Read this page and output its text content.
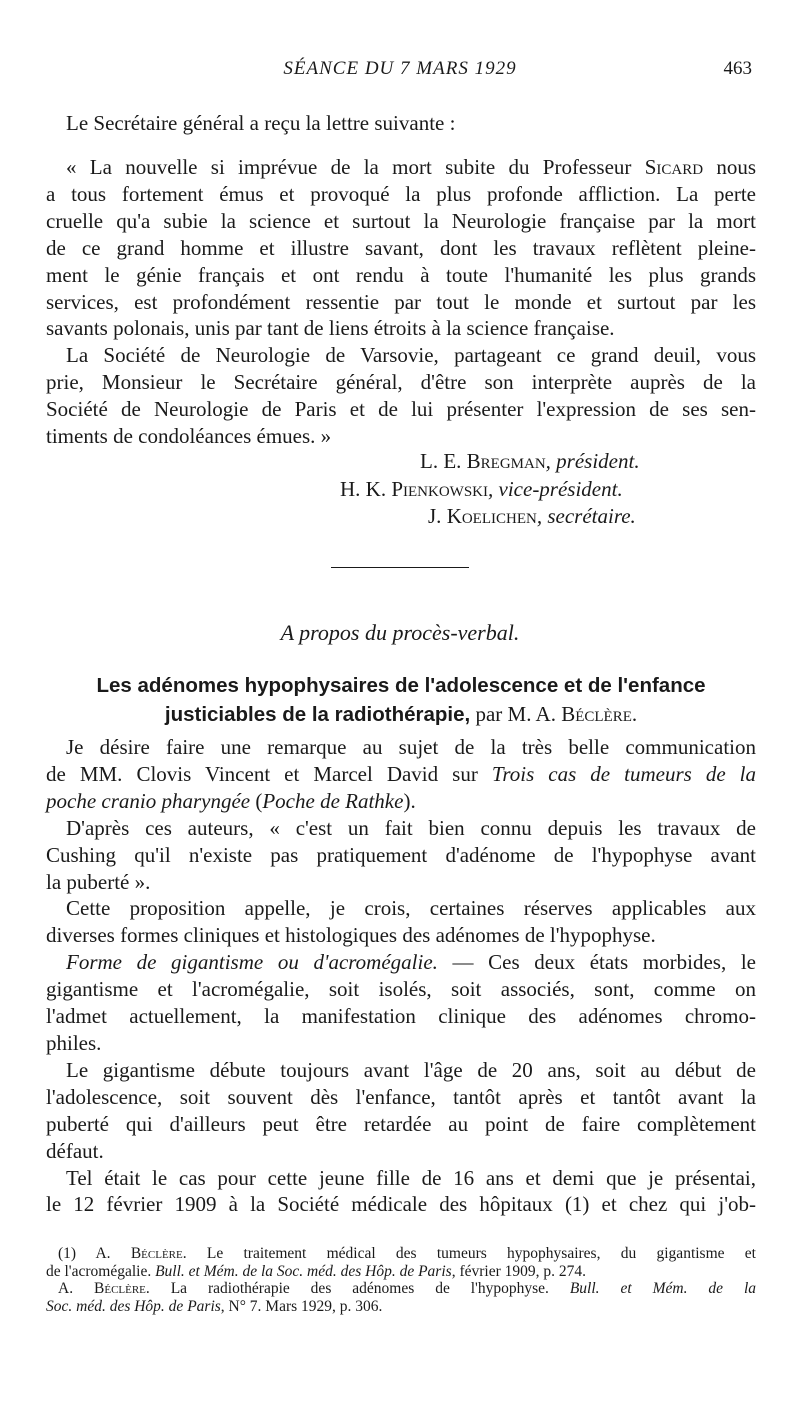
SÉANCE DU 7 MARS 1929	463
Le Secrétaire général a reçu la lettre suivante :
« La nouvelle si imprévue de la mort subite du Professeur Sicard nous
a tous fortement émus et provoqué la plus profonde affliction. La perte
cruelle qu'a subie la science et surtout la Neurologie française par la mort
de ce grand homme et illustre savant, dont les travaux reflètent pleine-
ment le génie français et ont rendu à toute l'humanité les plus grands
services, est profondément ressentie par tout le monde et surtout par les
savants polonais, unis par tant de liens étroits à la science française.
La Société de Neurologie de Varsovie, partageant ce grand deuil, vous
prie, Monsieur le Secrétaire général, d'être son interprète auprès de la
Société de Neurologie de Paris et de lui présenter l'expression de ses sen-
timents de condoléances émues. »
L. E. Bregman, président.
H. K. Pienkowski, vice-président.
J. Koelichen, secrétaire.
A propos du procès-verbal.
Les adénomes hypophysaires de l'adolescence et de l'enfance
justiciables de la radiothérapie, par M. A. Béclère.
Je désire faire une remarque au sujet de la très belle communication
de MM. Clovis Vincent et Marcel David sur Trois cas de tumeurs de la
poche cranio pharyngée (Poche de Rathke).
D'après ces auteurs, « c'est un fait bien connu depuis les travaux de
Cushing qu'il n'existe pas pratiquement d'adénome de l'hypophyse avant
la puberté ».
Cette proposition appelle, je crois, certaines réserves applicables aux
diverses formes cliniques et histologiques des adénomes de l'hypophyse.
Forme de gigantisme ou d'acromégalie. — Ces deux états morbides, le
gigantisme et l'acromégalie, soit isolés, soit associés, sont, comme on
l'admet actuellement, la manifestation clinique des adénomes chromo-
philes.
Le gigantisme débute toujours avant l'âge de 20 ans, soit au début de
l'adolescence, soit souvent dès l'enfance, tantôt après et tantôt avant la
puberté qui d'ailleurs peut être retardée au point de faire complètement
défaut.
Tel était le cas pour cette jeune fille de 16 ans et demi que je présentai,
le 12 février 1909 à la Société médicale des hôpitaux (1) et chez qui j'ob-
(1) A. Béclère. Le traitement médical des tumeurs hypophysaires, du gigantisme et
de l'acromégalie. Bull. et Mém. de la Soc. méd. des Hôp. de Paris, février 1909, p. 274.
A. Béclère. La radiothérapie des adénomes de l'hypophyse. Bull. et Mém. de la
Soc. méd. des Hôp. de Paris, N° 7. Mars 1929, p. 306.
